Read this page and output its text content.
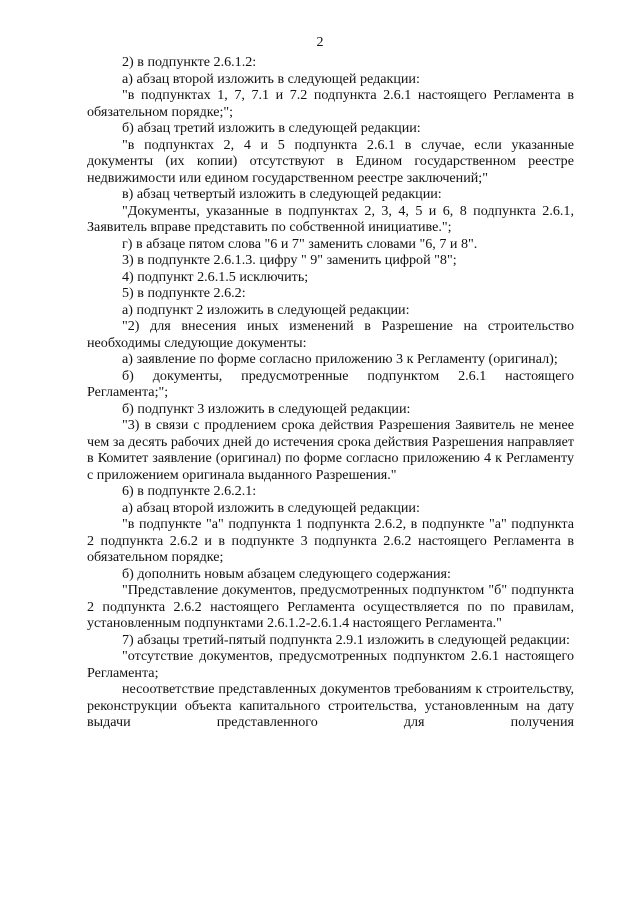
2

2) в подпункте 2.6.1.2:

а) абзац второй изложить в следующей редакции:

"в подпунктах 1, 7, 7.1 и 7.2 подпункта 2.6.1 настоящего Регламента в обязательном порядке;";

б) абзац третий изложить в следующей редакции:

"в подпунктах 2, 4 и 5 подпункта 2.6.1 в случае, если указанные документы (их копии) отсутствуют в Едином государственном реестре недвижимости или едином государственном реестре заключений;"

в) абзац четвертый изложить в следующей редакции:

"Документы, указанные в подпунктах 2, 3, 4, 5 и 6, 8 подпункта 2.6.1, Заявитель вправе представить по собственной инициативе.";

г) в абзаце пятом слова "6 и 7" заменить словами "6, 7 и 8".

3) в подпункте 2.6.1.3. цифру " 9" заменить цифрой "8";

4) подпункт 2.6.1.5 исключить;

5) в подпункте 2.6.2:

а) подпункт 2 изложить в следующей редакции:

"2) для внесения иных изменений в Разрешение на строительство необходимы следующие документы:

а) заявление по форме согласно приложению 3 к Регламенту (оригинал);

б) документы, предусмотренные подпунктом 2.6.1 настоящего Регламента;";

б) подпункт 3 изложить в следующей редакции:

"3) в связи с продлением срока действия Разрешения Заявитель не менее чем за десять рабочих дней до истечения срока действия Разрешения направляет в Комитет заявление (оригинал) по форме согласно приложению 4 к Регламенту с приложением оригинала выданного Разрешения."

6) в подпункте 2.6.2.1:

а) абзац второй изложить в следующей редакции:

"в подпункте "а" подпункта 1 подпункта 2.6.2, в подпункте "а" подпункта 2 подпункта 2.6.2 и в подпункте 3 подпункта 2.6.2 настоящего Регламента в обязательном порядке;

б) дополнить новым абзацем следующего содержания:

"Представление документов, предусмотренных подпунктом "б" подпункта 2 подпункта 2.6.2 настоящего Регламента осуществляется по по правилам, установленным подпунктами 2.6.1.2-2.6.1.4 настоящего Регламента."

7) абзацы третий-пятый подпункта 2.9.1 изложить в следующей редакции:

"отсутствие документов, предусмотренных подпунктом 2.6.1 настоящего Регламента;

несоответствие представленных документов требованиям к строительству, реконструкции объекта капитального строительства, установленным на дату выдачи представленного для получения
